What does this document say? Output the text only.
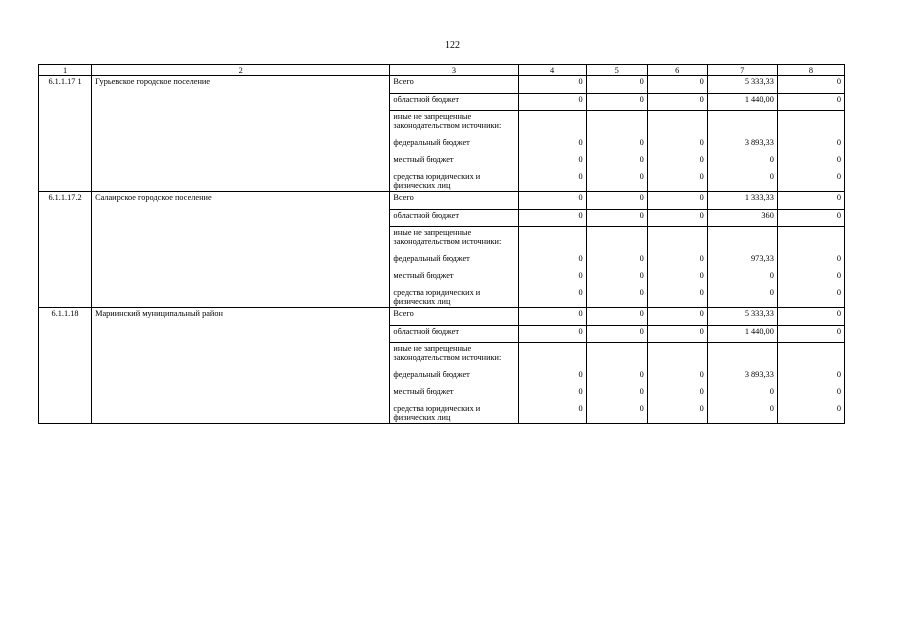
122
1	2	3	4	5	6	7	8
6.1.1.17 1	Гурьевское городское поселение	Всего	0	0	0	5 333,33	0
		областной бюджет	0	0	0	1 440,00	0
		иные не запрещенные законодательством источники:					
		федеральный бюджет	0	0	0	3 893,33	0
		местный бюджет	0	0	0	0	0
		средства юридических и физических лиц	0	0	0	0	0
6.1.1.17.2	Салаирское городское поселение	Всего	0	0	0	1 333,33	0
		областной бюджет	0	0	0	360	0
		иные не запрещенные законодательством источники:					
		федеральный бюджет	0	0	0	973,33	0
		местный бюджет	0	0	0	0	0
		средства юридических и физических лиц	0	0	0	0	0
6.1.1.18	Мариинский муниципальный район	Всего	0	0	0	5 333,33	0
		областной бюджет	0	0	0	1 440,00	0
		иные не запрещенные законодательством источники:					
		федеральный бюджет	0	0	0	3 893,33	0
		местный бюджет	0	0	0	0	0
		средства юридических и физических лиц	0	0	0	0	0
